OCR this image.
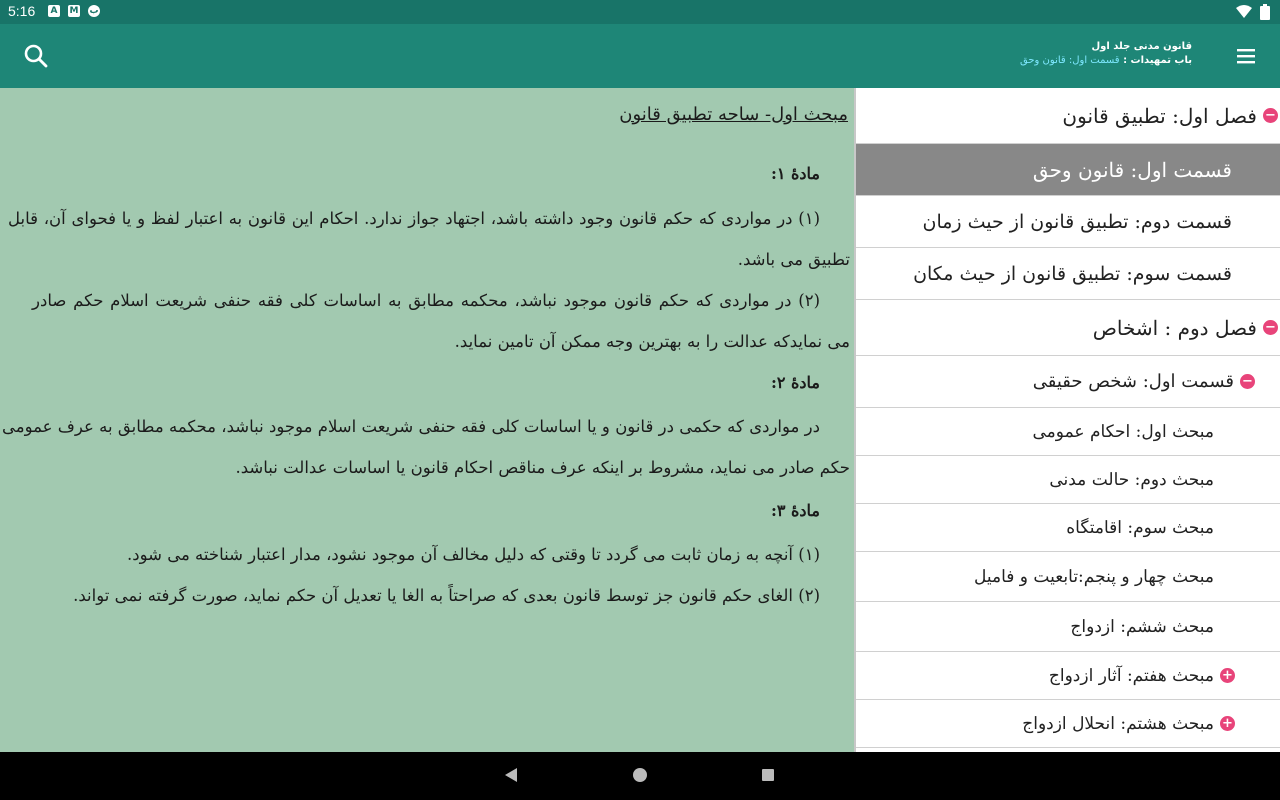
5:16 A M ب
قانون مدنی جلد اول
باب تمهیدات : قسمت اول: قانون وحق
مبحث اول- ساحه تطبیق قانون
مادۀ ۱:
(۱) در مواردی که حکم قانون وجود داشته باشد، اجتهاد جواز ندارد. احکام این قانون به اعتبار لفظ و یا فحوای آن، قابل تطبیق می باشد.
(۲) در مواردی که حکم قانون موجود نباشد، محکمه مطابق به اساسات کلی فقه حنفی شریعت اسلام حکم صادر می نمایدکه عدالت را به بهترین وجه ممکن آن تامین نماید.
مادۀ ۲:
در مواردی که حکمی در قانون و یا اساسات کلی فقه حنفی شریعت اسلام موجود نباشد، محکمه مطابق به عرف عمومی حکم صادر می نماید، مشروط بر اینکه عرف مناقص احکام قانون یا اساسات عدالت نباشد.
مادۀ ۳:
(۱) آنچه به زمان ثابت می گردد تا وقتی که دلیل مخالف آن موجود نشود، مدار اعتبار شناخته می شود.
(۲) الغای حکم قانون جز توسط قانون بعدی که صراحتاً به الغا یا تعدیل آن حکم نماید، صورت گرفته نمی تواند.
−
فصل اول: تطبیق قانون
قسمت اول: قانون وحق
قسمت دوم: تطبیق قانون از حیث زمان
قسمت سوم: تطبیق قانون از حیث مکان
−
فصل دوم : اشخاص
−
قسمت اول: شخص حقیقی
مبحث اول: احکام عمومی
مبحث دوم: حالت مدنی
مبحث سوم: اقامتگاه
مبحث چهار و پنجم:تابعیت و فامیل
مبحث ششم: ازدواج
+
مبحث هفتم: آثار ازدواج
+
مبحث هشتم: انحلال ازدواج
